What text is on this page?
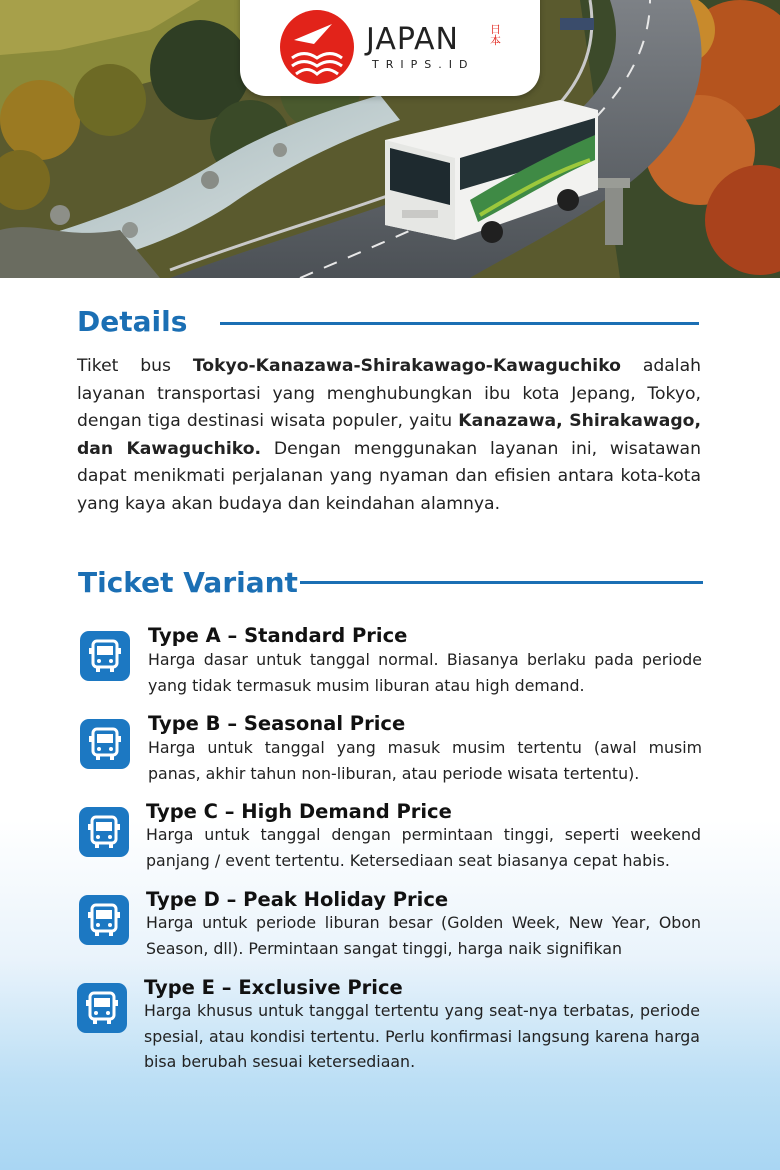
JAPAN	日本
TRIPS.ID
Details
Tiket bus Tokyo-Kanazawa-Shirakawago-Kawaguchiko adalah layanan transportasi yang menghubungkan ibu kota Jepang, Tokyo, dengan tiga destinasi wisata populer, yaitu Kanazawa, Shirakawago, dan Kawaguchiko. Dengan menggunakan layanan ini, wisatawan dapat menikmati perjalanan yang nyaman dan efisien antara kota-kota yang kaya akan budaya dan keindahan alamnya.
Ticket Variant
Type A – Standard Price
Harga dasar untuk tanggal normal. Biasanya berlaku pada periode yang tidak termasuk musim liburan atau high demand.
Type B – Seasonal Price
Harga untuk tanggal yang masuk musim tertentu (awal musim panas, akhir tahun non-liburan, atau periode wisata tertentu).
Type C – High Demand Price
Harga untuk tanggal dengan permintaan tinggi, seperti weekend panjang / event tertentu. Ketersediaan seat biasanya cepat habis.
Type D – Peak Holiday Price
Harga untuk periode liburan besar (Golden Week, New Year, Obon Season, dll). Permintaan sangat tinggi, harga naik signifikan
Type E – Exclusive Price
Harga khusus untuk tanggal tertentu yang seat-nya terbatas, periode spesial, atau kondisi tertentu. Perlu konfirmasi langsung karena harga bisa berubah sesuai ketersediaan.
